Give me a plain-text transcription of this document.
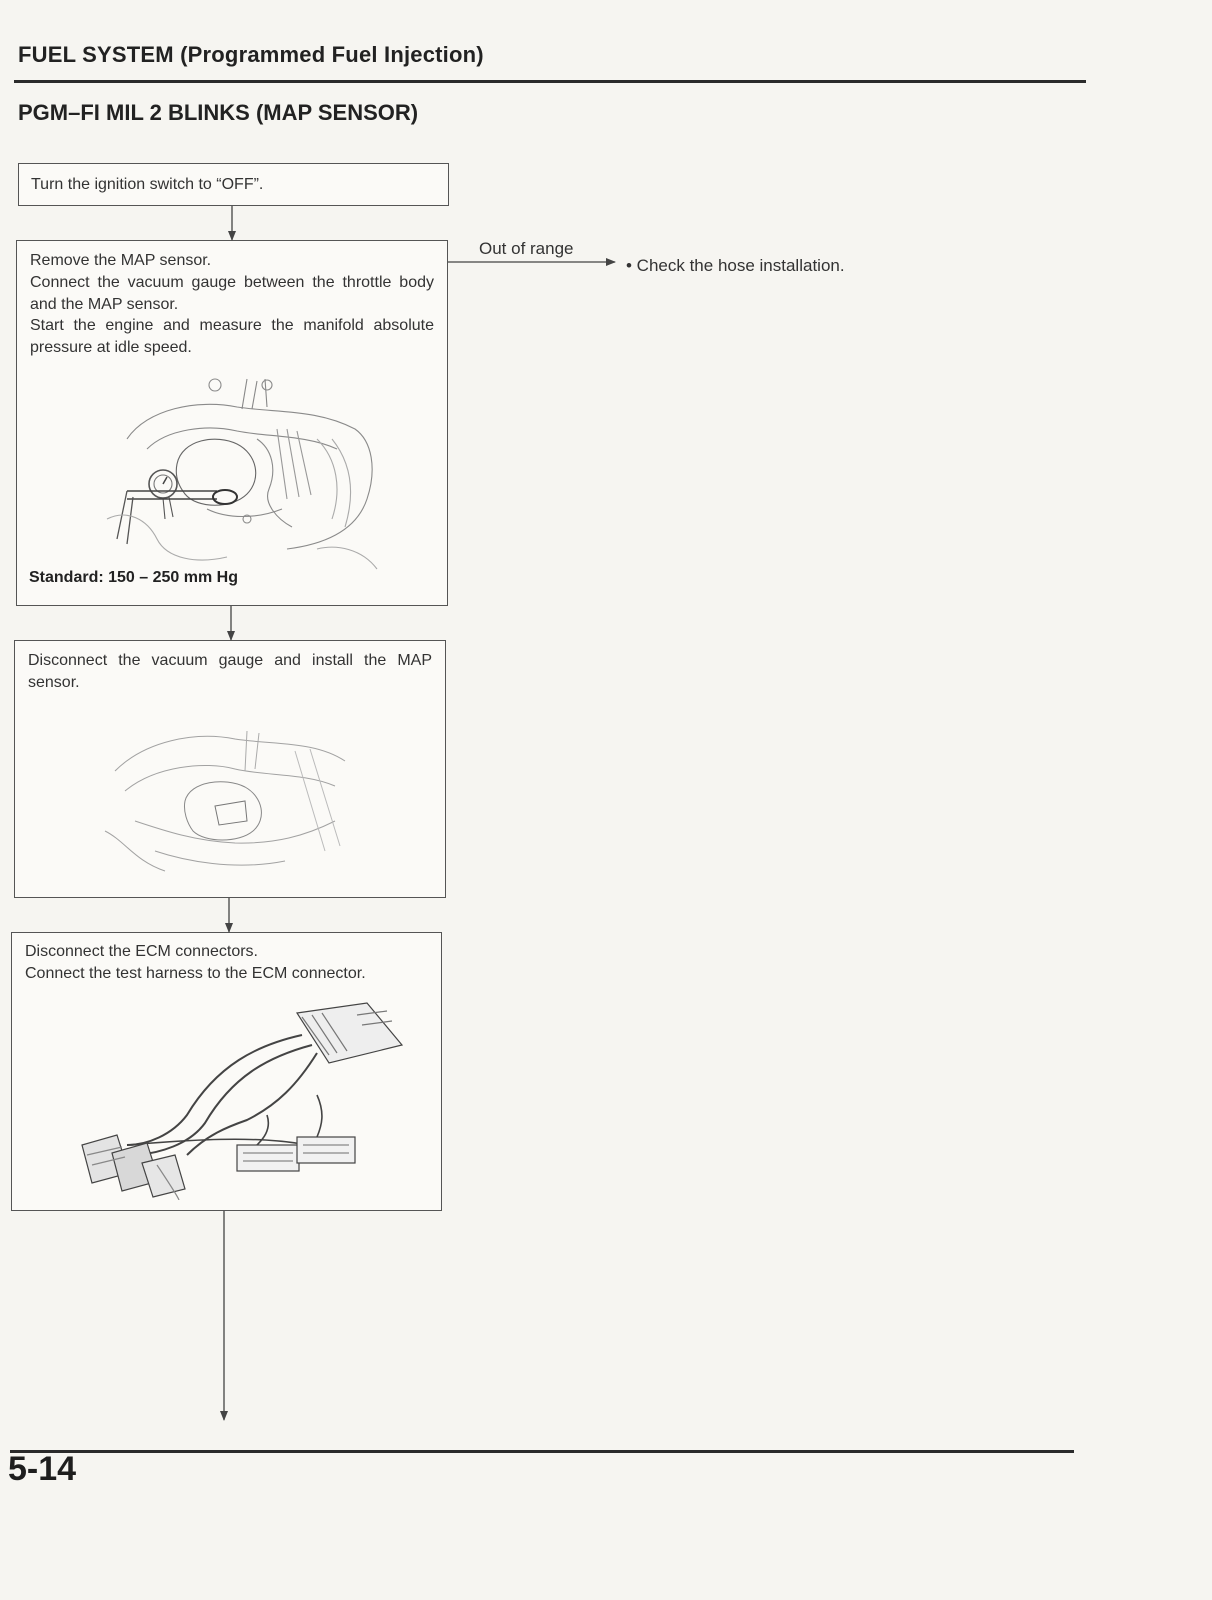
FUEL SYSTEM (Programmed Fuel Injection)
PGM–FI MIL 2 BLINKS (MAP SENSOR)
Turn the ignition switch to “OFF”.
Remove the MAP sensor.
Connect the vacuum gauge between the throttle body and the MAP sensor.
Start the engine and measure the manifold absolute pressure at idle speed.
Standard: 150 – 250 mm Hg
Out of range
• Check the hose installation.
Disconnect the vacuum gauge and install the MAP sensor.
Disconnect the ECM connectors.
Connect the test harness to the ECM connector.
5-14
